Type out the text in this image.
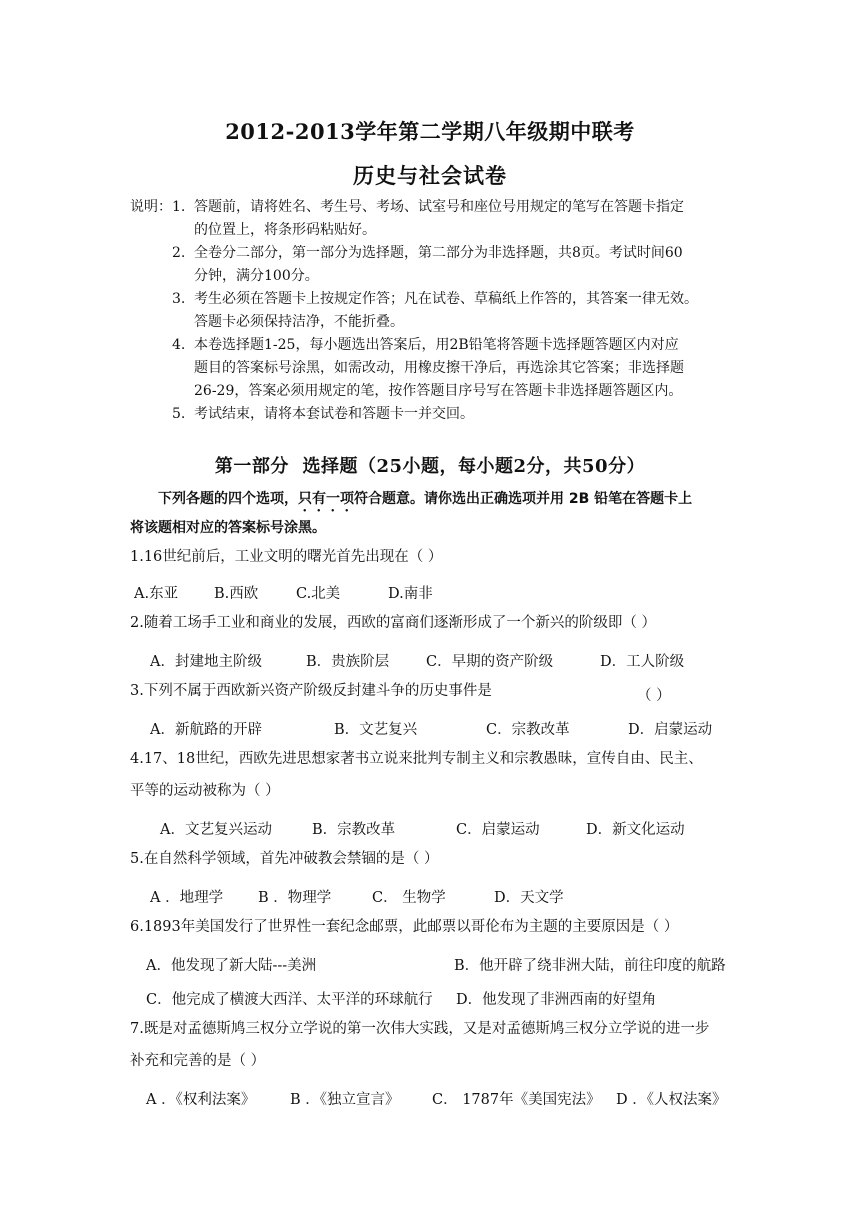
2012-2013学年第二学期八年级期中联考
历史与社会试卷
说明： 1. 答题前，请将姓名、考生号、考场、试室号和座位号用规定的笔写在答题卡指定
的位置上，将条形码粘贴好。
2. 全卷分二部分，第一部分为选择题，第二部分为非选择题，共8页。考试时间60
分钟，满分100分。
3. 考生必须在答题卡上按规定作答；凡在试卷、草稿纸上作答的，其答案一律无效。
答题卡必须保持洁净，不能折叠。
4. 本卷选择题1-25，每小题选出答案后，用2B铅笔将答题卡选择题答题区内对应
题目的答案标号涂黑，如需改动，用橡皮擦干净后，再选涂其它答案；非选择题
26-29，答案必须用规定的笔，按作答题目序号写在答题卡非选择题答题区内。
5. 考试结束，请将本套试卷和答题卡一并交回。
第一部分  选择题（25小题，每小题2分，共50分）
下列各题的四个选项，只有一项符合题意。请你选出正确选项并用 2B 铅笔在答题卡上
将该题相对应的答案标号涂黑。
1.16世纪前后，工业文明的曙光首先出现在（ ）
A.东亚 B.西欧	C.北美	D.南非
2.随着工场手工业和商业的发展，西欧的富商们逐渐形成了一个新兴的阶级即（ ）
A．封建地主阶级	B．贵族阶层	C．早期的资产阶级	D．工人阶级
3.下列不属于西欧新兴资产阶级反封建斗争的历史事件是	（ ）
A．新航路的开辟	B．文艺复兴	C．宗教改革	D．启蒙运动
4.17、18世纪，西欧先进思想家著书立说来批判专制主义和宗教愚昧，宣传自由、民主、
平等的运动被称为（ ）
A．文艺复兴运动	B．宗教改革	C．启蒙运动	D．新文化运动
5.在自然科学领域，首先冲破教会禁锢的是（ ）
A ．地理学 B ．物理学	C． 生物学	D．天文学
6.1893年美国发行了世界性一套纪念邮票，此邮票以哥伦布为主题的主要原因是（ ）
A．他发现了新大陆---美洲	B．他开辟了绕非洲大陆，前往印度的航路
C．他完成了横渡大西洋、太平洋的环球航行 D．他发现了非洲西南的好望角
7.既是对孟德斯鸠三权分立学说的第一次伟大实践，又是对孟德斯鸠三权分立学说的进一步
补充和完善的是（ ）
A ．《权利法案》 B ．《独立宣言》 C． 1787年《美国宪法》 D ．《人权法案》
